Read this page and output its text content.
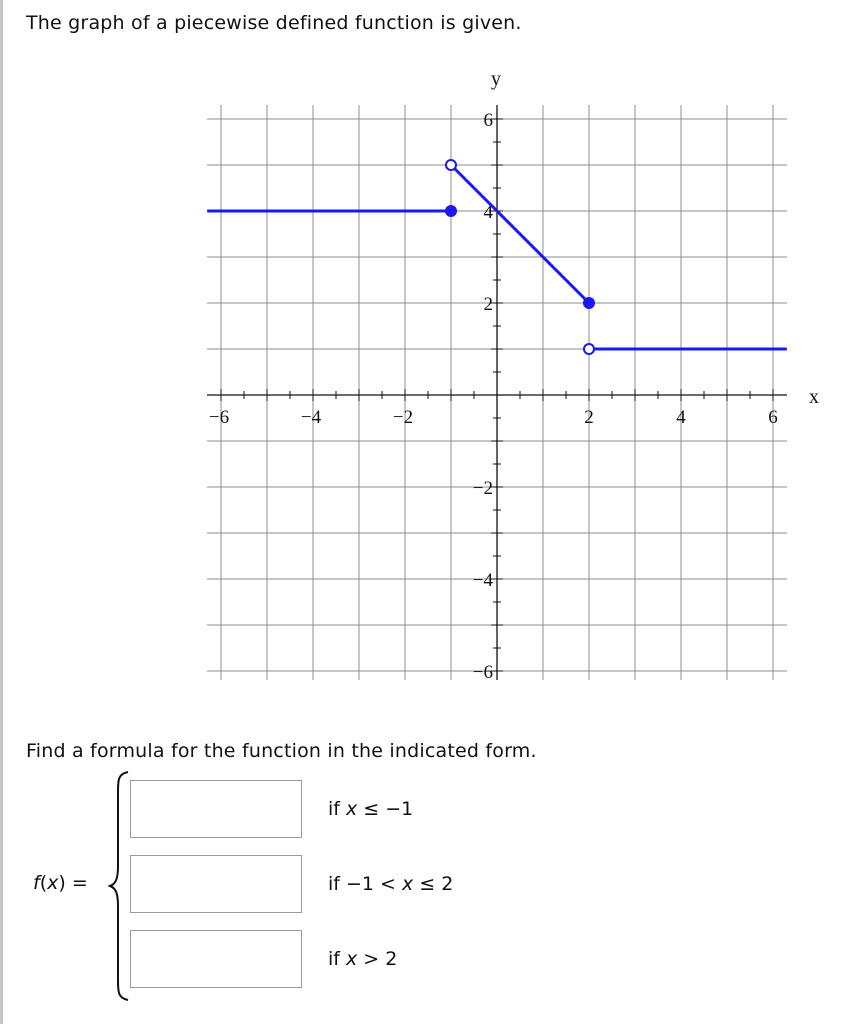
The graph of a piecewise defined function is given.
−6	−4	−2	2	4	6
6
4
2
−2
−4
−6
x
y
Find a formula for the function in the indicated form.
f(x) =
if x ≤ −1
if −1 < x ≤ 2
if x > 2
